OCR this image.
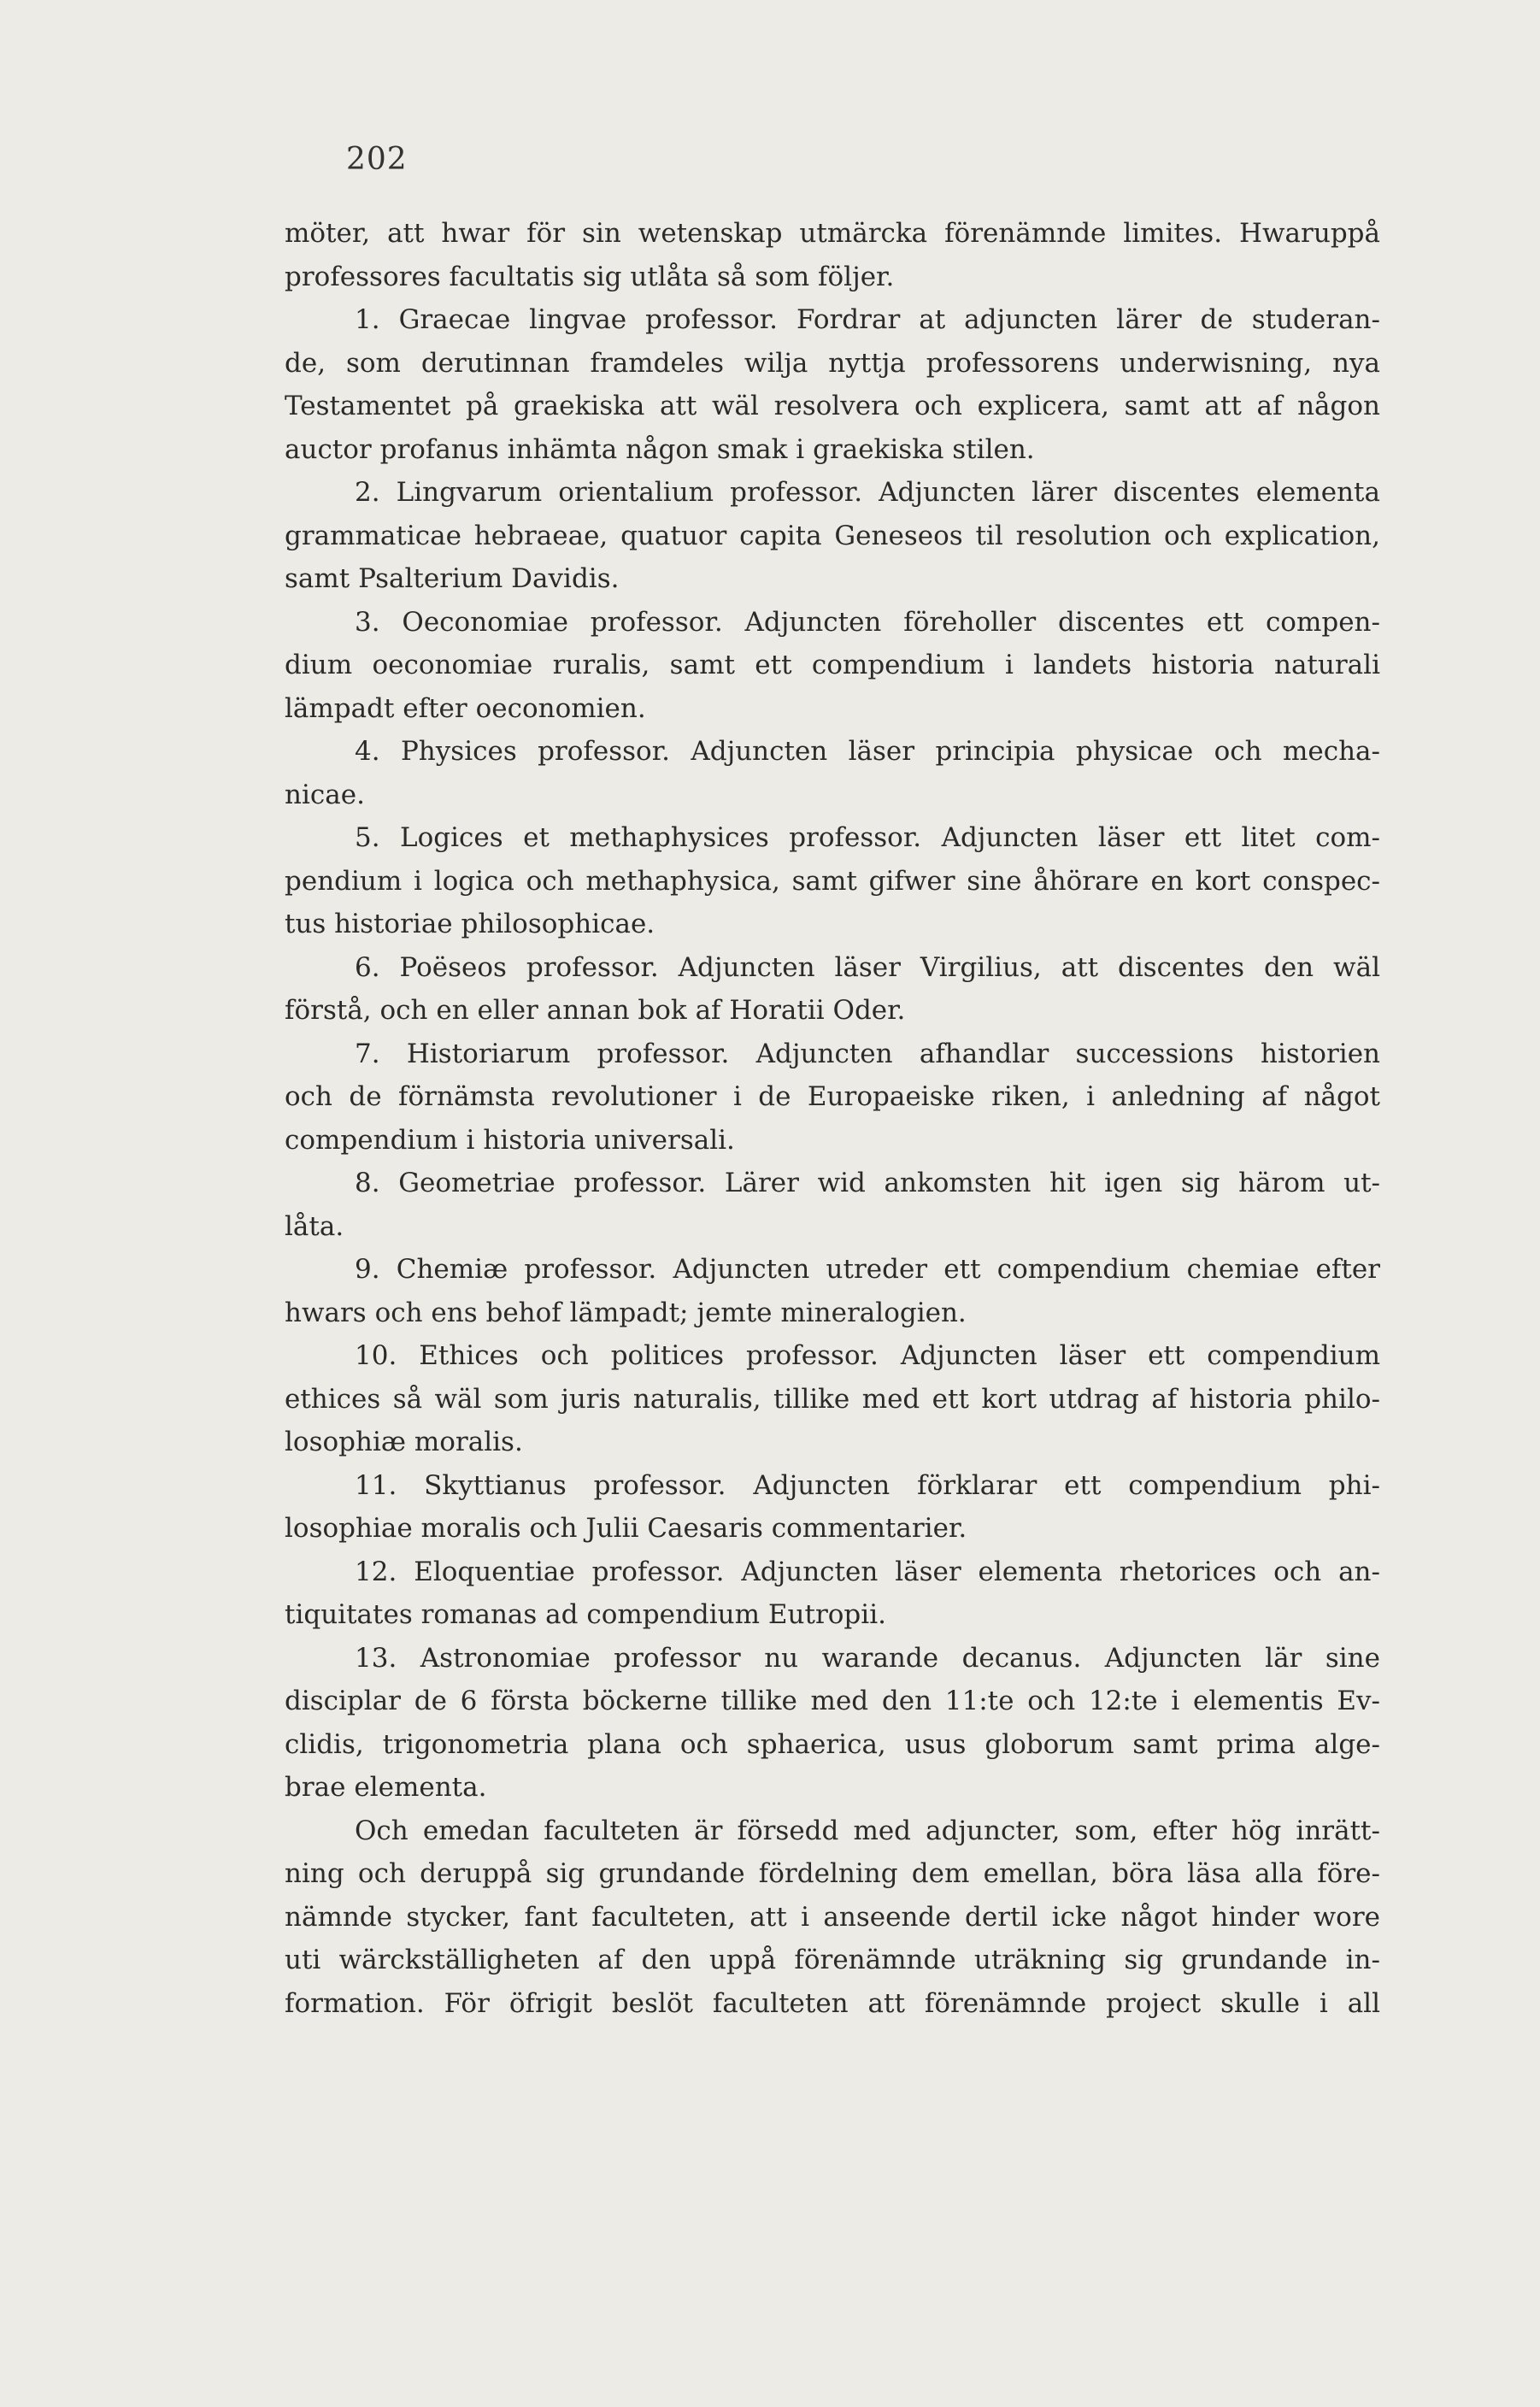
202
möter, att hwar för sin wetenskap utmärcka förenämnde limites. Hwaruppå
professores facultatis sig utlåta så som följer.
1. Graecae lingvae professor. Fordrar at adjuncten lärer de studeran-
de, som derutinnan framdeles wilja nyttja professorens underwisning, nya
Testamentet på graekiska att wäl resolvera och explicera, samt att af någon
auctor profanus inhämta någon smak i graekiska stilen.
2. Lingvarum orientalium professor. Adjuncten lärer discentes elementa
grammaticae hebraeae, quatuor capita Geneseos til resolution och explication,
samt Psalterium Davidis.
3. Oeconomiae professor. Adjuncten föreholler discentes ett compen-
dium oeconomiae ruralis, samt ett compendium i landets historia naturali
lämpadt efter oeconomien.
4. Physices professor. Adjuncten läser principia physicae och mecha-
nicae.
5. Logices et methaphysices professor. Adjuncten läser ett litet com-
pendium i logica och methaphysica, samt gifwer sine åhörare en kort conspec-
tus historiae philosophicae.
6. Poëseos professor. Adjuncten läser Virgilius, att discentes den wäl
förstå, och en eller annan bok af Horatii Oder.
7. Historiarum professor. Adjuncten afhandlar successions historien
och de förnämsta revolutioner i de Europaeiske riken, i anledning af något
compendium i historia universali.
8. Geometriae professor. Lärer wid ankomsten hit igen sig härom ut-
låta.
9. Chemiæ professor. Adjuncten utreder ett compendium chemiae efter
hwars och ens behof lämpadt; jemte mineralogien.
10. Ethices och politices professor. Adjuncten läser ett compendium
ethices så wäl som juris naturalis, tillike med ett kort utdrag af historia philo-
losophiæ moralis.
11. Skyttianus professor. Adjuncten förklarar ett compendium phi-
losophiae moralis och Julii Caesaris commentarier.
12. Eloquentiae professor. Adjuncten läser elementa rhetorices och an-
tiquitates romanas ad compendium Eutropii.
13. Astronomiae professor nu warande decanus. Adjuncten lär sine
disciplar de 6 första böckerne tillike med den 11:te och 12:te i elementis Ev-
clidis, trigonometria plana och sphaerica, usus globorum samt prima alge-
brae elementa.
Och emedan faculteten är försedd med adjuncter, som, efter hög inrätt-
ning och deruppå sig grundande fördelning dem emellan, böra läsa alla före-
nämnde stycker, fant faculteten, att i anseende dertil icke något hinder wore
uti wärckställigheten af den uppå förenämnde uträkning sig grundande in-
formation. För öfrigit beslöt faculteten att förenämnde project skulle i all
